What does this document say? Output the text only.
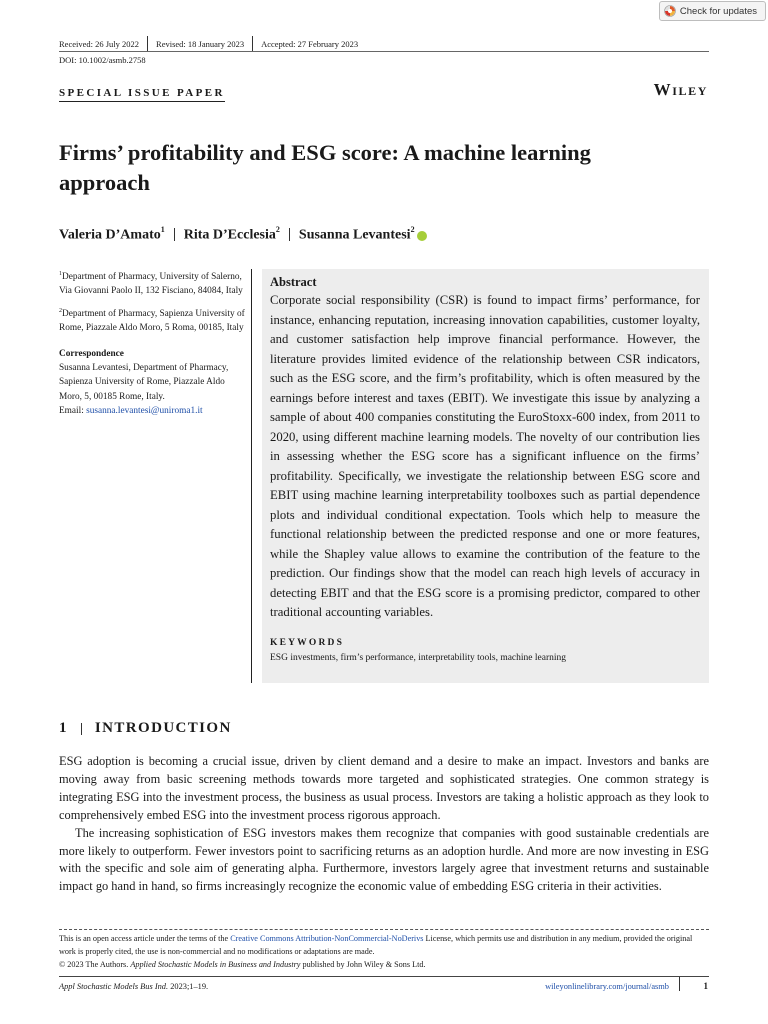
Check for updates
Received: 26 July 2022 Revised: 18 January 2023 Accepted: 27 February 2023
DOI: 10.1002/asmb.2758
SPECIAL ISSUE PAPER	Wiley
Firms’ profitability and ESG score: A machine learning approach
Valeria D’Amato$^1$ Rita D’Ecclesia$^2$ Susanna Levantesi$^2$

$^1$Department of Pharmacy, University of Salerno, Via Giovanni Paolo II, 132 Fisciano, 84084, Italy

$^2$Department of Pharmacy, Sapienza University of Rome, Piazzale Aldo Moro, 5 Roma, 00185, Italy

Correspondence
Susanna Levantesi, Department of Pharmacy, Sapienza University of Rome, Piazzale Aldo Moro, 5, 00185 Rome, Italy.
Email: susanna.levantesi@uniroma1.it
Abstract

Corporate social responsibility (CSR) is found to impact firms’ performance, for instance, enhancing reputation, increasing innovation capabilities, customer loyalty, and customer satisfaction help improve financial performance. However, the literature provides limited evidence of the relationship between CSR indicators, such as the ESG score, and the firm’s profitability, which is often measured by the earnings before interest and taxes (EBIT). We investigate this issue by analyzing a sample of about 400 companies constituting the EuroStoxx-600 index, from 2011 to 2020, using different machine learning models. The novelty of our contribution lies in assessing whether the ESG score has a significant influence on the firms’ profitability. Specifically, we investigate the relationship between ESG score and EBIT using machine learning interpretability toolboxes such as partial dependence plots and individual conditional expectation. Tools which help to measure the functional relationship between the predicted response and one or more features, while the Shapley value allows to examine the contribution of the feature to the prediction. Our findings show that the model can reach high levels of accuracy in detecting EBIT and that the ESG score is a promising predictor, compared to other traditional accounting variables.

KEYWORDS
ESG investments, firm’s performance, interpretability tools, machine learning
1 INTRODUCTION

ESG adoption is becoming a crucial issue, driven by client demand and a desire to make an impact. Investors and banks are moving away from basic screening methods towards more targeted and sophisticated strategies. One common strategy is integrating ESG into the investment process, the business as usual process. Investors are taking a holistic approach as they look to comprehensively embed ESG into the investment process rigorous approach.

The increasing sophistication of ESG investors makes them recognize that companies with good sustainable credentials are more likely to outperform. Fewer investors point to sacrificing returns as an adoption hurdle. And more are now investing in ESG with the specific and sole aim of generating alpha. Furthermore, investors largely agree that investment returns and sustainable impact go hand in hand, so firms increasingly recognize the economic value of embedding ESG criteria in their activities.

This is an open access article under the terms of the Creative Commons Attribution-NonCommercial-NoDerivs License, which permits use and distribution in any medium, provided the original work is properly cited, the use is non-commercial and no modifications or adaptations are made.

© 2023 The Authors. Applied Stochastic Models in Business and Industry published by John Wiley & Sons Ltd.

Appl Stochastic Models Bus Ind. 2023;1–19.	wileyonlinelibrary.com/journal/asmb	1
